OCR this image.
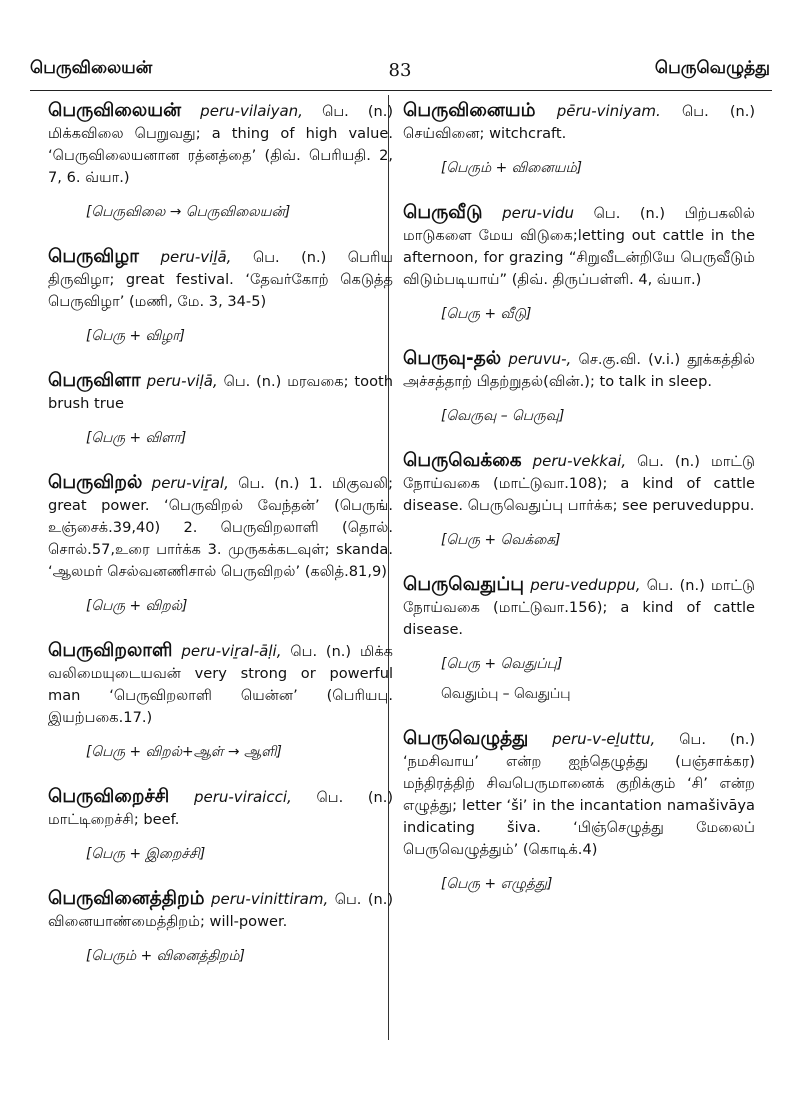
பெருவிலையன்	83	பெருவெழுத்து
பெருவிலையன் peru-vilaiyan, பெ. (n.) மிக்கவிலை பெறுவது; a thing of high value. ‘பெருவிலையனான ரத்னத்தை’ (திவ். பெரியதி. 2, 7, 6. வ்யா.)
[பெருவிலை → பெருவிலையன்]
பெருவிழா peru-viḻā, பெ. (n.) பெரிய திருவிழா; great festival. ‘தேவர்கோற் கெடுத்த பெருவிழா’ (மணி, மே. 3, 34-5)
[பெரு + விழா]
பெருவிளா peru-viḷā, பெ. (n.) மரவகை; tooth brush true
[பெரு + விளா]
பெருவிறல் peru-viṟal, பெ. (n.) 1. மிகுவலி; great power. ‘பெருவிறல் வேந்தன்’ (பெருங். உஞ்சைக்.39,40) 2. பெருவிறலாளி (தொல். சொல்.57,உரை பார்க்க 3. முருகக்கடவுள்; skanda. ‘ஆலமர் செல்வனணிசால் பெருவிறல்’ (கலித்.81,9)
[பெரு + விறல்]
பெருவிறலாளி peru-viṟal-āḷi, பெ. (n.) மிக்க வலிமையுடையவன் very strong or powerful man ‘பெருவிறலாளி யென்ன’ (பெரியபு. இயற்பகை.17.)
[பெரு + விறல்+ஆள் → ஆளி]
பெருவிறைச்சி peru-viraicci, பெ. (n.) மாட்டிறைச்சி; beef.
[பெரு + இறைச்சி]
பெருவினைத்திறம் peru-vinittiram, பெ. (n.) வினையாண்மைத்திறம்; will-power.
[பெரும் + வினைத்திறம்]
பெருவினையம் pēru-viniyam. பெ. (n.) செய்வினை; witchcraft.
[பெரும் + வினையம்]
பெருவீடு peru-vidu பெ. (n.) பிற்பகலில் மாடுகளை மேய விடுகை;letting out cattle in the afternoon, for grazing “சிறுவீடன்றியே பெருவீடும் விடும்படியாய்” (திவ். திருப்பள்ளி. 4, வ்யா.)
[பெரு + வீடு]
பெருவு-தல் peruvu-, செ.கு.வி. (v.i.) தூக்கத்தில் அச்சத்தாற் பிதற்றுதல்(வின்.); to talk in sleep.
[வெருவு – பெருவு]
பெருவெக்கை peru-vekkai, பெ. (n.) மாட்டு நோய்வகை (மாட்டுவா.108); a kind of cattle disease. பெருவெதுப்பு பார்க்க; see peruveduppu.
[பெரு + வெக்கை]
பெருவெதுப்பு peru-veduppu, பெ. (n.) மாட்டு நோய்வகை (மாட்டுவா.156); a kind of cattle disease.
[பெரு + வெதுப்பு]
வெதும்பு – வெதுப்பு
பெருவெழுத்து peru-v-eḻuttu, பெ. (n.) ‘நமசிவாய’ என்ற ஐந்தெழுத்து (பஞ்சாக்கர) மந்திரத்திற் சிவபெருமானைக் குறிக்கும் ‘சி’ என்ற எழுத்து; letter ‘ši’ in the incantation namašivāya indicating šiva. ‘பிஞ்செழுத்து மேலைப் பெருவெழுத்தும்’ (கொடிக்.4)
[பெரு + எழுத்து]
